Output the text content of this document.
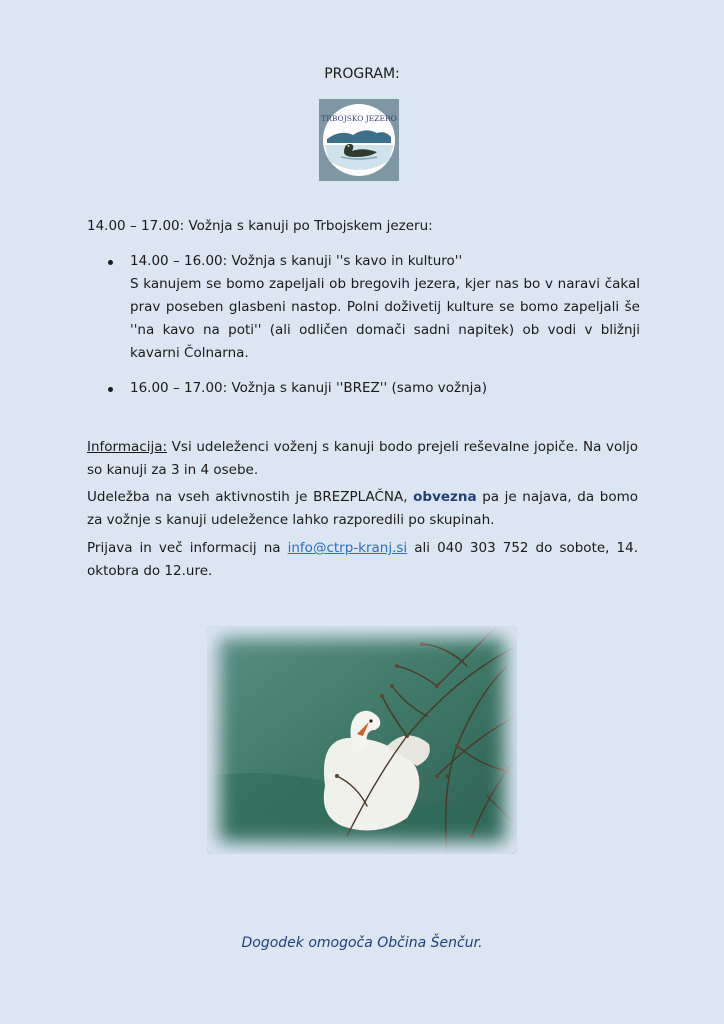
PROGRAM:
TRBOJSKO JEZERO
14.00 – 17.00: Vožnja s kanuji po Trbojskem jezeru:
14.00 – 16.00: Vožnja s kanuji ''s kavo in kulturo''
S kanujem se bomo zapeljali ob bregovih jezera, kjer nas bo v naravi čakal prav poseben glasbeni nastop. Polni doživetij kulture se bomo zapeljali še ''na kavo na poti'' (ali odličen domači sadni napitek) ob vodi v bližnji kavarni Čolnarna.
16.00 – 17.00: Vožnja s kanuji ''BREZ'' (samo vožnja)
Informacija: Vsi udeleženci voženj s kanuji bodo prejeli reševalne jopiče. Na voljo so kanuji za 3 in 4 osebe.
Udeležba na vseh aktivnostih je BREZPLAČNA, obvezna pa je najava, da bomo za vožnje s kanuji udeležence lahko razporedili po skupinah.
Prijava in več informacij na info@ctrp-kranj.si ali 040 303 752 do sobote, 14. oktobra do 12.ure.
Dogodek omogoča Občina Šenčur.
